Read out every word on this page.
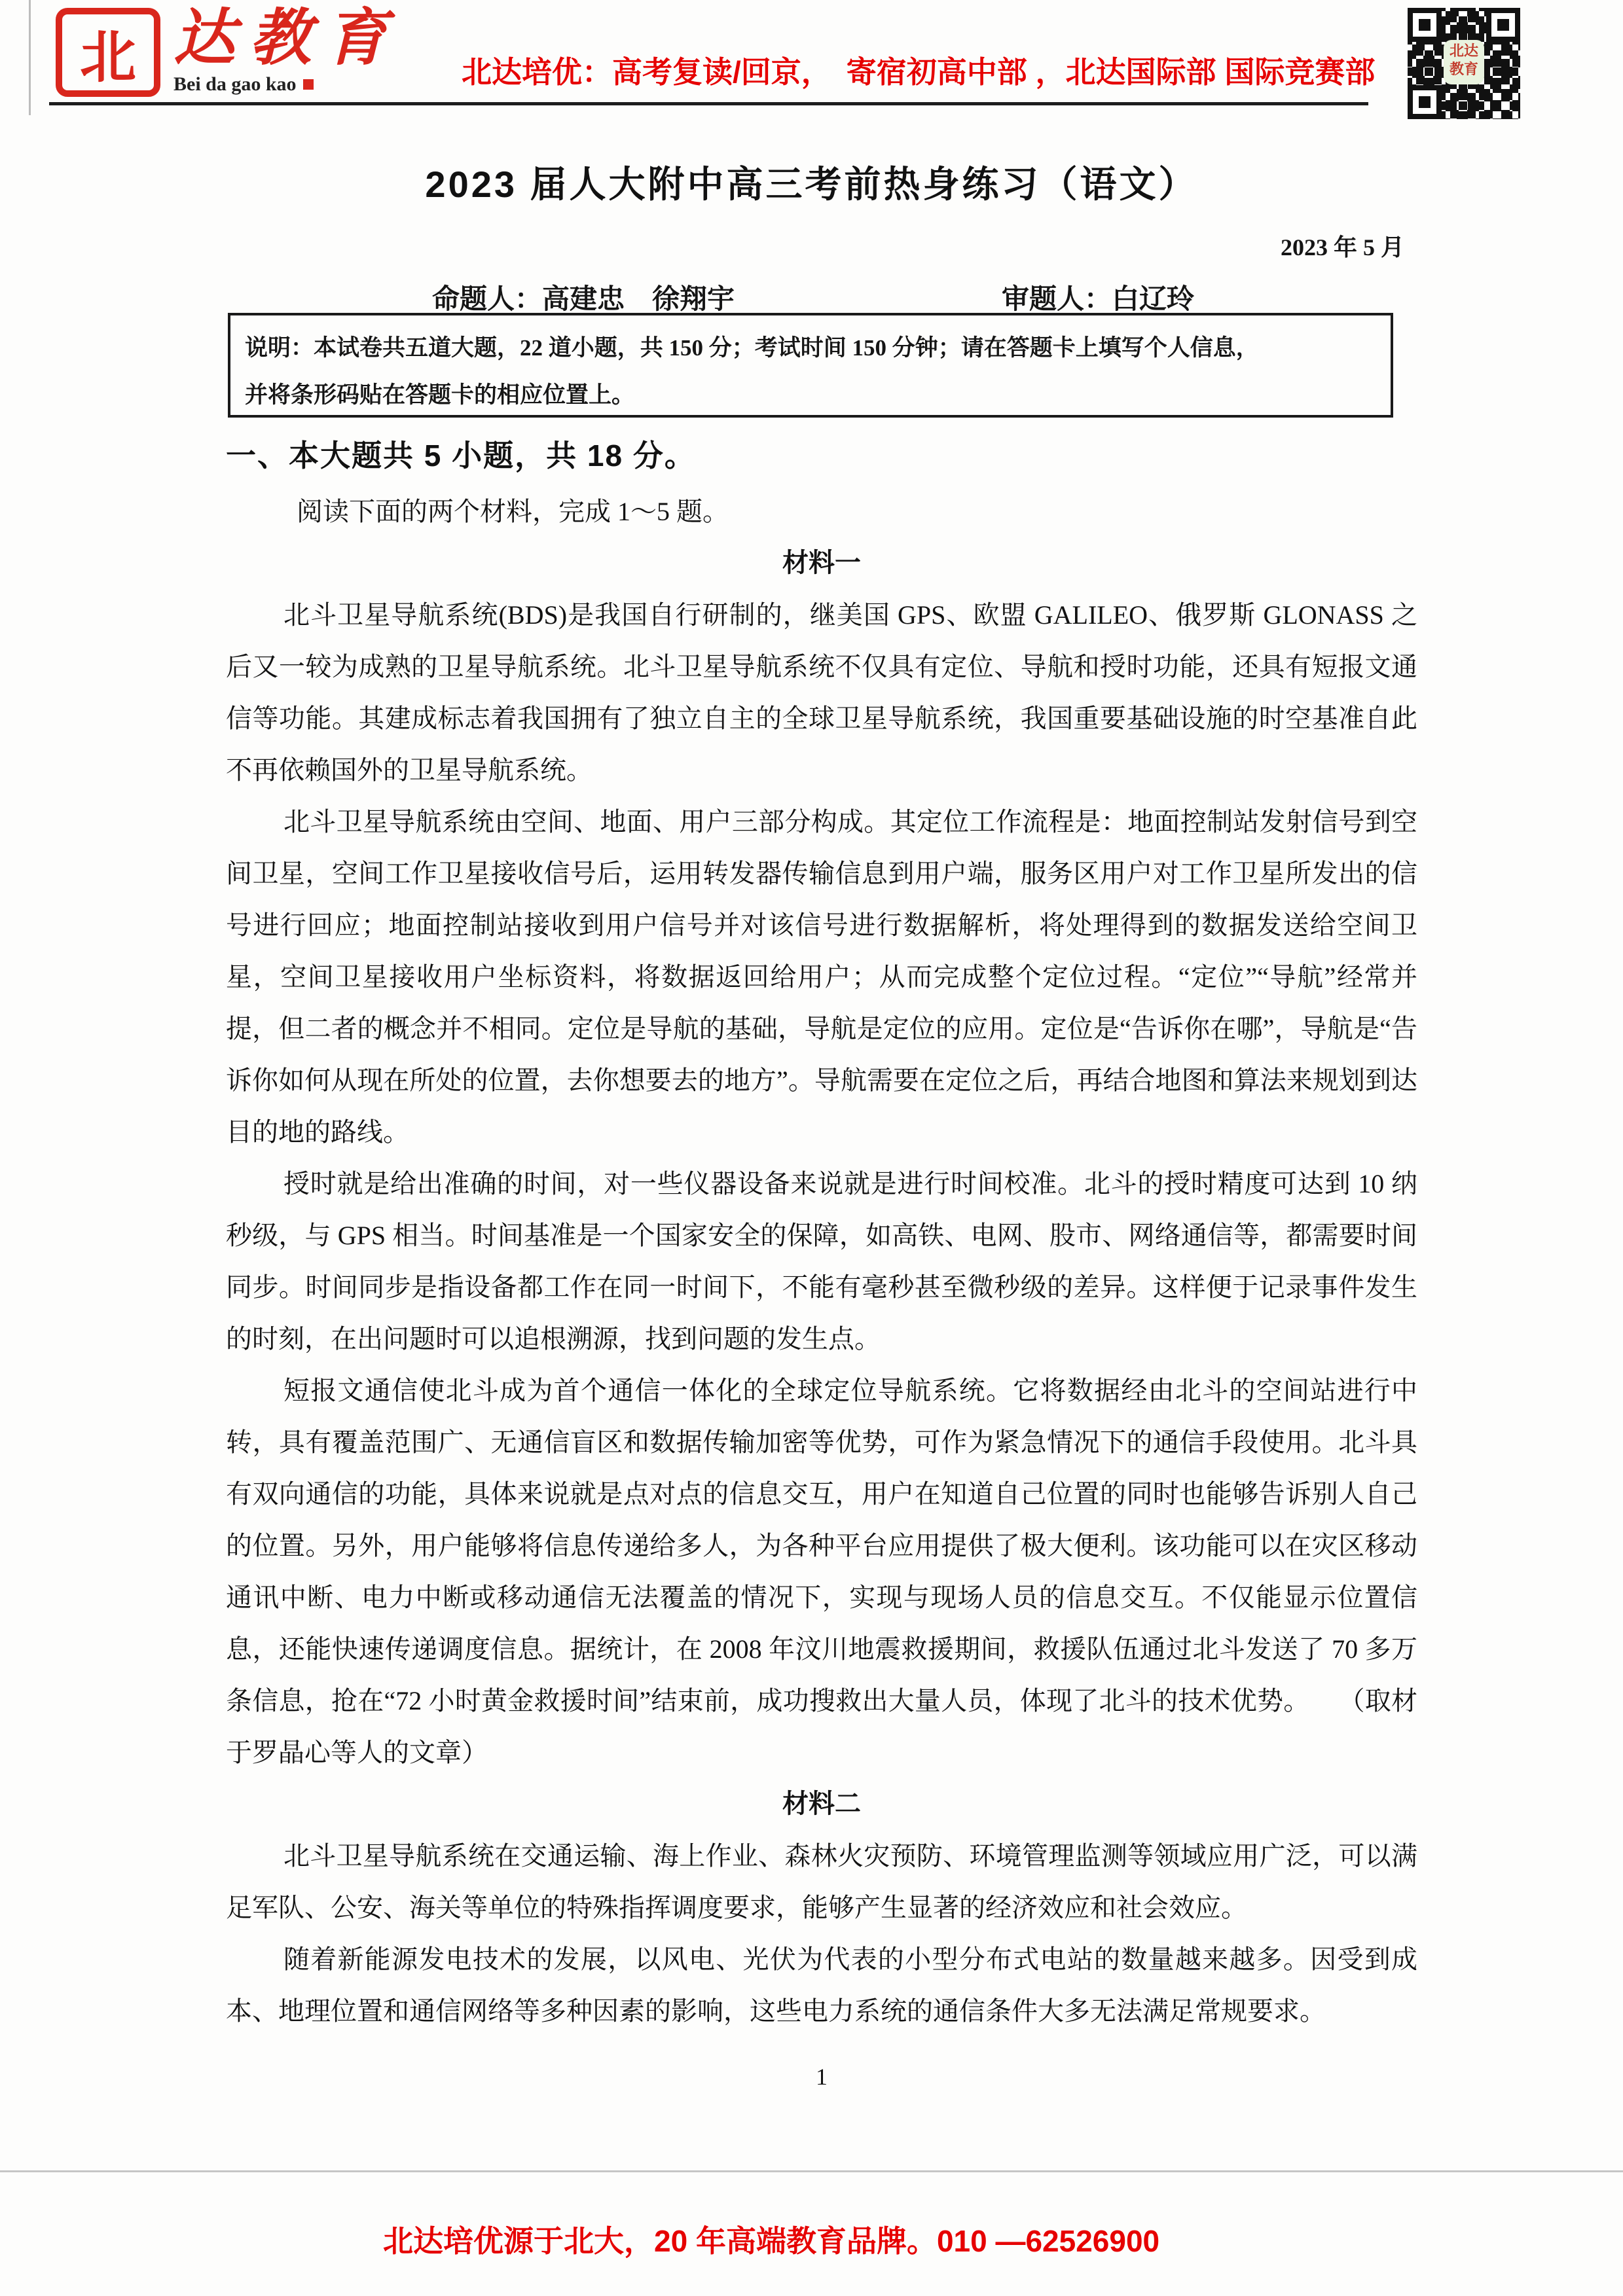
北 达教育
Bei da gao kao	北达培优：高考复读/回京，　寄宿初高中部 ，北达国际部 国际竞赛部
北达
教育
2023 届人大附中高三考前热身练习（语文）
2023 年 5 月
命题人：高建忠　徐翔宇	审题人：白辽玲
说明：本试卷共五道大题，22 道小题，共 150 分；考试时间 150 分钟；请在答题卡上填写个人信息，
并将条形码贴在答题卡的相应位置上。
一、本大题共 5 小题，共 18 分。
阅读下面的两个材料，完成 1～5 题。
材料一

北斗卫星导航系统(BDS)是我国自行研制的，继美国 GPS、欧盟 GALILEO、俄罗斯 GLONASS 之后又一较为成熟的卫星导航系统。北斗卫星导航系统不仅具有定位、导航和授时功能，还具有短报文通信等功能。其建成标志着我国拥有了独立自主的全球卫星导航系统，我国重要基础设施的时空基准自此不再依赖国外的卫星导航系统。

北斗卫星导航系统由空间、地面、用户三部分构成。其定位工作流程是：地面控制站发射信号到空间卫星，空间工作卫星接收信号后，运用转发器传输信息到用户端，服务区用户对工作卫星所发出的信号进行回应；地面控制站接收到用户信号并对该信号进行数据解析，将处理得到的数据发送给空间卫星，空间卫星接收用户坐标资料，将数据返回给用户；从而完成整个定位过程。“定位”“导航”经常并提，但二者的概念并不相同。定位是导航的基础，导航是定位的应用。定位是“告诉你在哪”，导航是“告诉你如何从现在所处的位置，去你想要去的地方”。导航需要在定位之后，再结合地图和算法来规划到达目的地的路线。

授时就是给出准确的时间，对一些仪器设备来说就是进行时间校准。北斗的授时精度可达到 10 纳秒级，与 GPS 相当。时间基准是一个国家安全的保障，如高铁、电网、股市、网络通信等，都需要时间同步。时间同步是指设备都工作在同一时间下，不能有毫秒甚至微秒级的差异。这样便于记录事件发生的时刻，在出问题时可以追根溯源，找到问题的发生点。

短报文通信使北斗成为首个通信一体化的全球定位导航系统。它将数据经由北斗的空间站进行中转，具有覆盖范围广、无通信盲区和数据传输加密等优势，可作为紧急情况下的通信手段使用。北斗具有双向通信的功能，具体来说就是点对点的信息交互，用户在知道自己位置的同时也能够告诉别人自己的位置。另外，用户能够将信息传递给多人，为各种平台应用提供了极大便利。该功能可以在灾区移动通讯中断、电力中断或移动通信无法覆盖的情况下，实现与现场人员的信息交互。不仅能显示位置信息，还能快速传递调度信息。据统计，在 2008 年汶川地震救援期间，救援队伍通过北斗发送了 70 多万条信息，抢在“72 小时黄金救援时间”结束前，成功搜救出大量人员，体现了北斗的技术优势。 （取材于罗晶心等人的文章）

材料二

北斗卫星导航系统在交通运输、海上作业、森林火灾预防、环境管理监测等领域应用广泛，可以满足军队、公安、海关等单位的特殊指挥调度要求，能够产生显著的经济效应和社会效应。

随着新能源发电技术的发展，以风电、光伏为代表的小型分布式电站的数量越来越多。因受到成本、地理位置和通信网络等多种因素的影响，这些电力系统的通信条件大多无法满足常规要求。

1
北达培优源于北大，20 年高端教育品牌。010 —62526900
